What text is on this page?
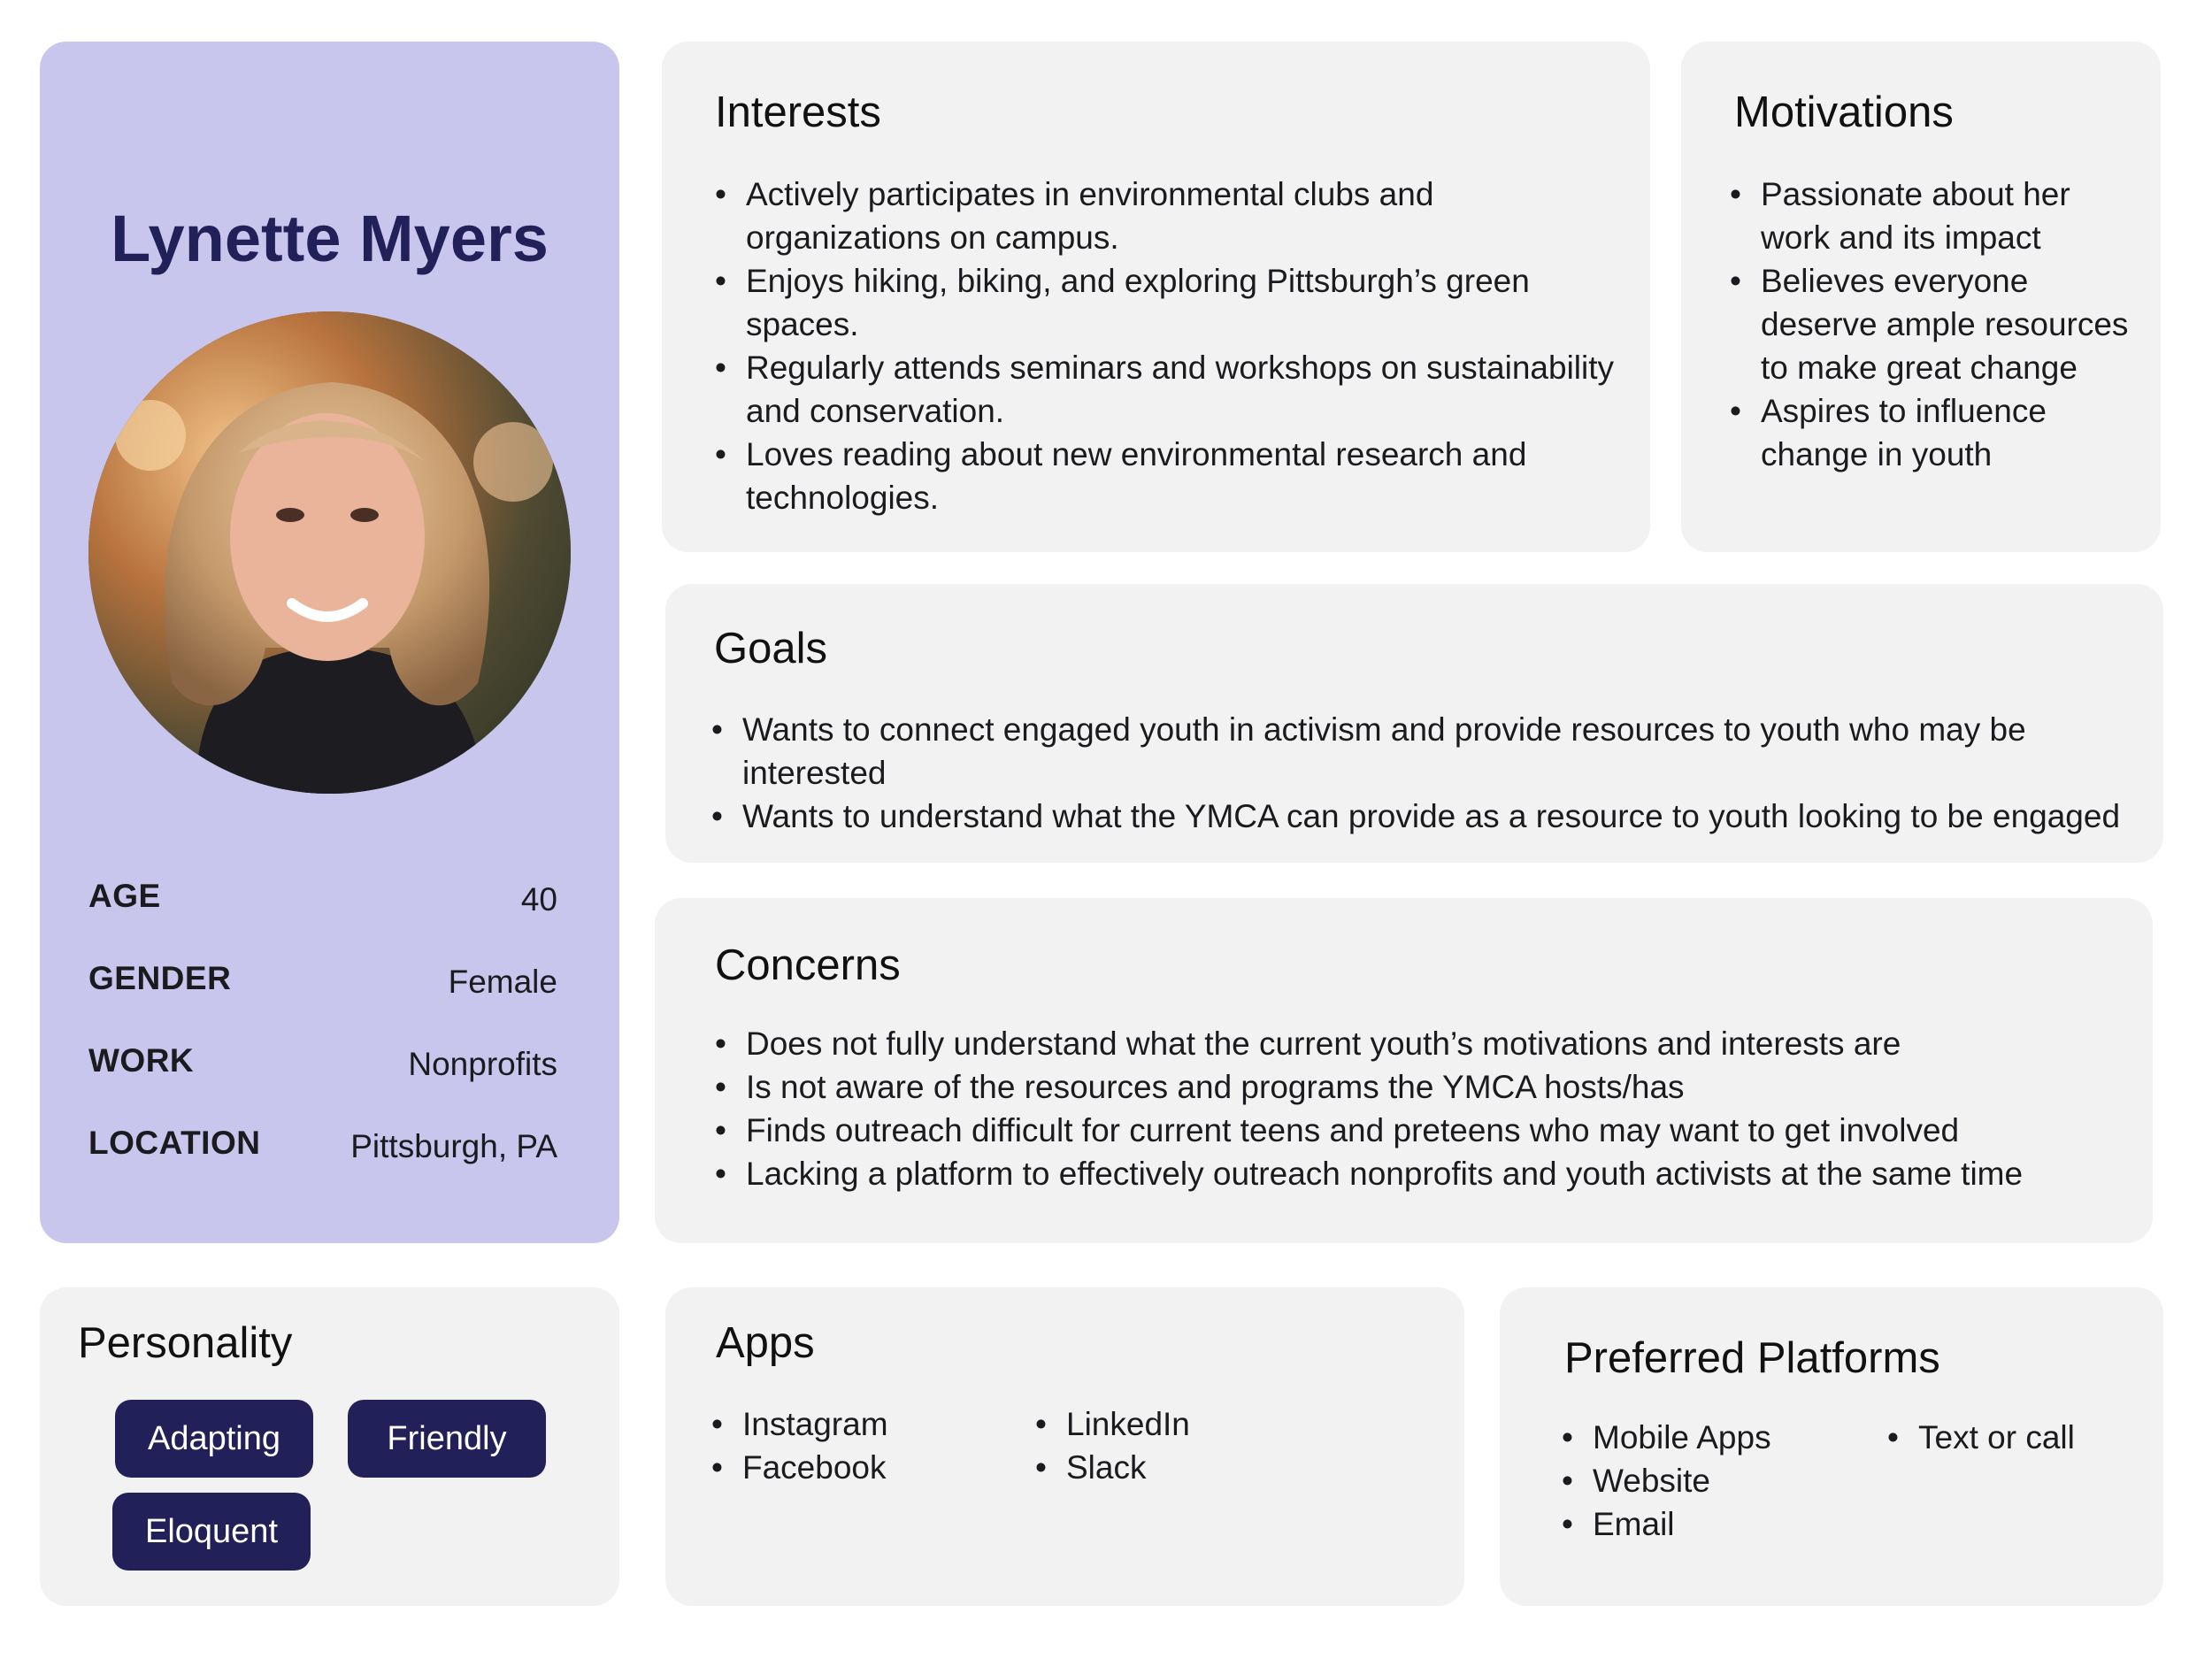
Lynette Myers
AGE	40
GENDER	Female
WORK	Nonprofits
LOCATION	Pittsburgh, PA
Interests
• Actively participates in environmental clubs and organizations on campus.
• Enjoys hiking, biking, and exploring Pittsburgh’s green spaces.
• Regularly attends seminars and workshops on sustainability and conservation.
• Loves reading about new environmental research and technologies.
Motivations
• Passionate about her work and its impact
• Believes everyone deserve ample resources to make great change
• Aspires to influence change in youth
Goals
• Wants to connect engaged youth in activism and provide resources to youth who may be interested
• Wants to understand what the YMCA can provide as a resource to youth looking to be engaged
Concerns
• Does not fully understand what the current youth’s motivations and interests are
• Is not aware of the resources and programs the YMCA hosts/has
• Finds outreach difficult for current teens and preteens who may want to get involved
• Lacking a platform to effectively outreach nonprofits and youth activists at the same time
Personality
Adapting	Friendly
Eloquent
Apps
• Instagram
• Facebook
• LinkedIn
• Slack
Preferred Platforms
• Mobile Apps
• Website
• Email
• Text or call
